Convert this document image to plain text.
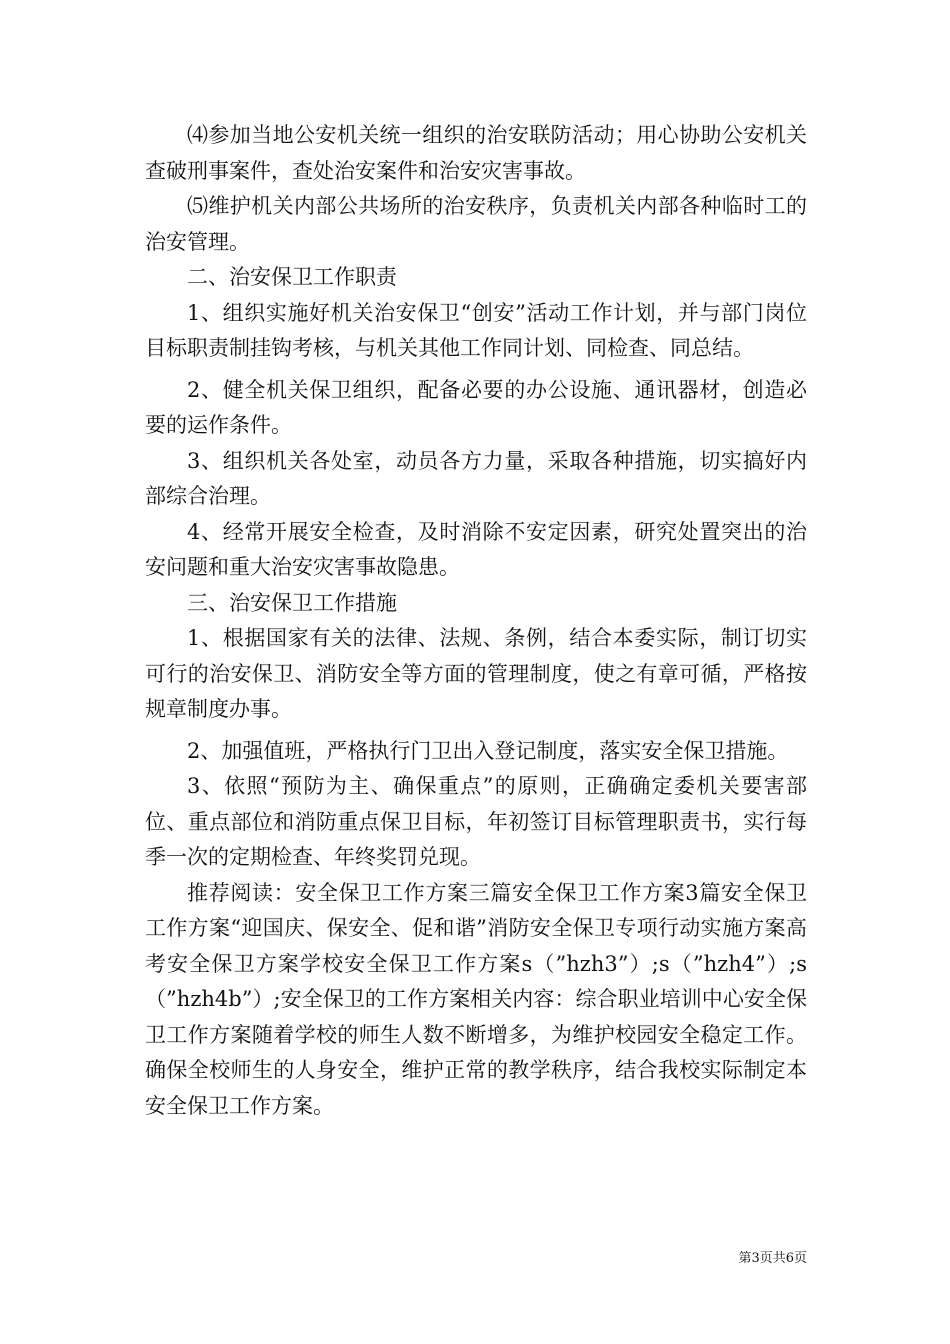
⑷参加当地公安机关统一组织的治安联防活动；用心协助公安机关查破刑事案件，查处治安案件和治安灾害事故。

⑸维护机关内部公共场所的治安秩序，负责机关内部各种临时工的治安管理。

二、治安保卫工作职责

1、组织实施好机关治安保卫“创安”活动工作计划，并与部门岗位目标职责制挂钩考核，与机关其他工作同计划、同检查、同总结。

2、健全机关保卫组织，配备必要的办公设施、通讯器材，创造必要的运作条件。

3、组织机关各处室，动员各方力量，采取各种措施，切实搞好内部综合治理。

4、经常开展安全检查，及时消除不安定因素，研究处置突出的治安问题和重大治安灾害事故隐患。

三、治安保卫工作措施

1、根据国家有关的法律、法规、条例，结合本委实际，制订切实可行的治安保卫、消防安全等方面的管理制度，使之有章可循，严格按规章制度办事。

2、加强值班，严格执行门卫出入登记制度，落实安全保卫措施。

3、依照“预防为主、确保重点”的原则，正确确定委机关要害部位、重点部位和消防重点保卫目标，年初签订目标管理职责书，实行每季一次的定期检查、年终奖罚兑现。

推荐阅读：安全保卫工作方案三篇安全保卫工作方案3篇安全保卫工作方案“迎国庆、保安全、促和谐”消防安全保卫专项行动实施方案高考安全保卫方案学校安全保卫工作方案s（”hzh3”）;s（”hzh4”）;s（”hzh4b”）;安全保卫的工作方案相关内容：综合职业培训中心安全保卫工作方案随着学校的师生人数不断增多，为维护校园安全稳定工作。确保全校师生的人身安全，维护正常的教学秩序，结合我校实际制定本安全保卫工作方案。

第3页共6页
